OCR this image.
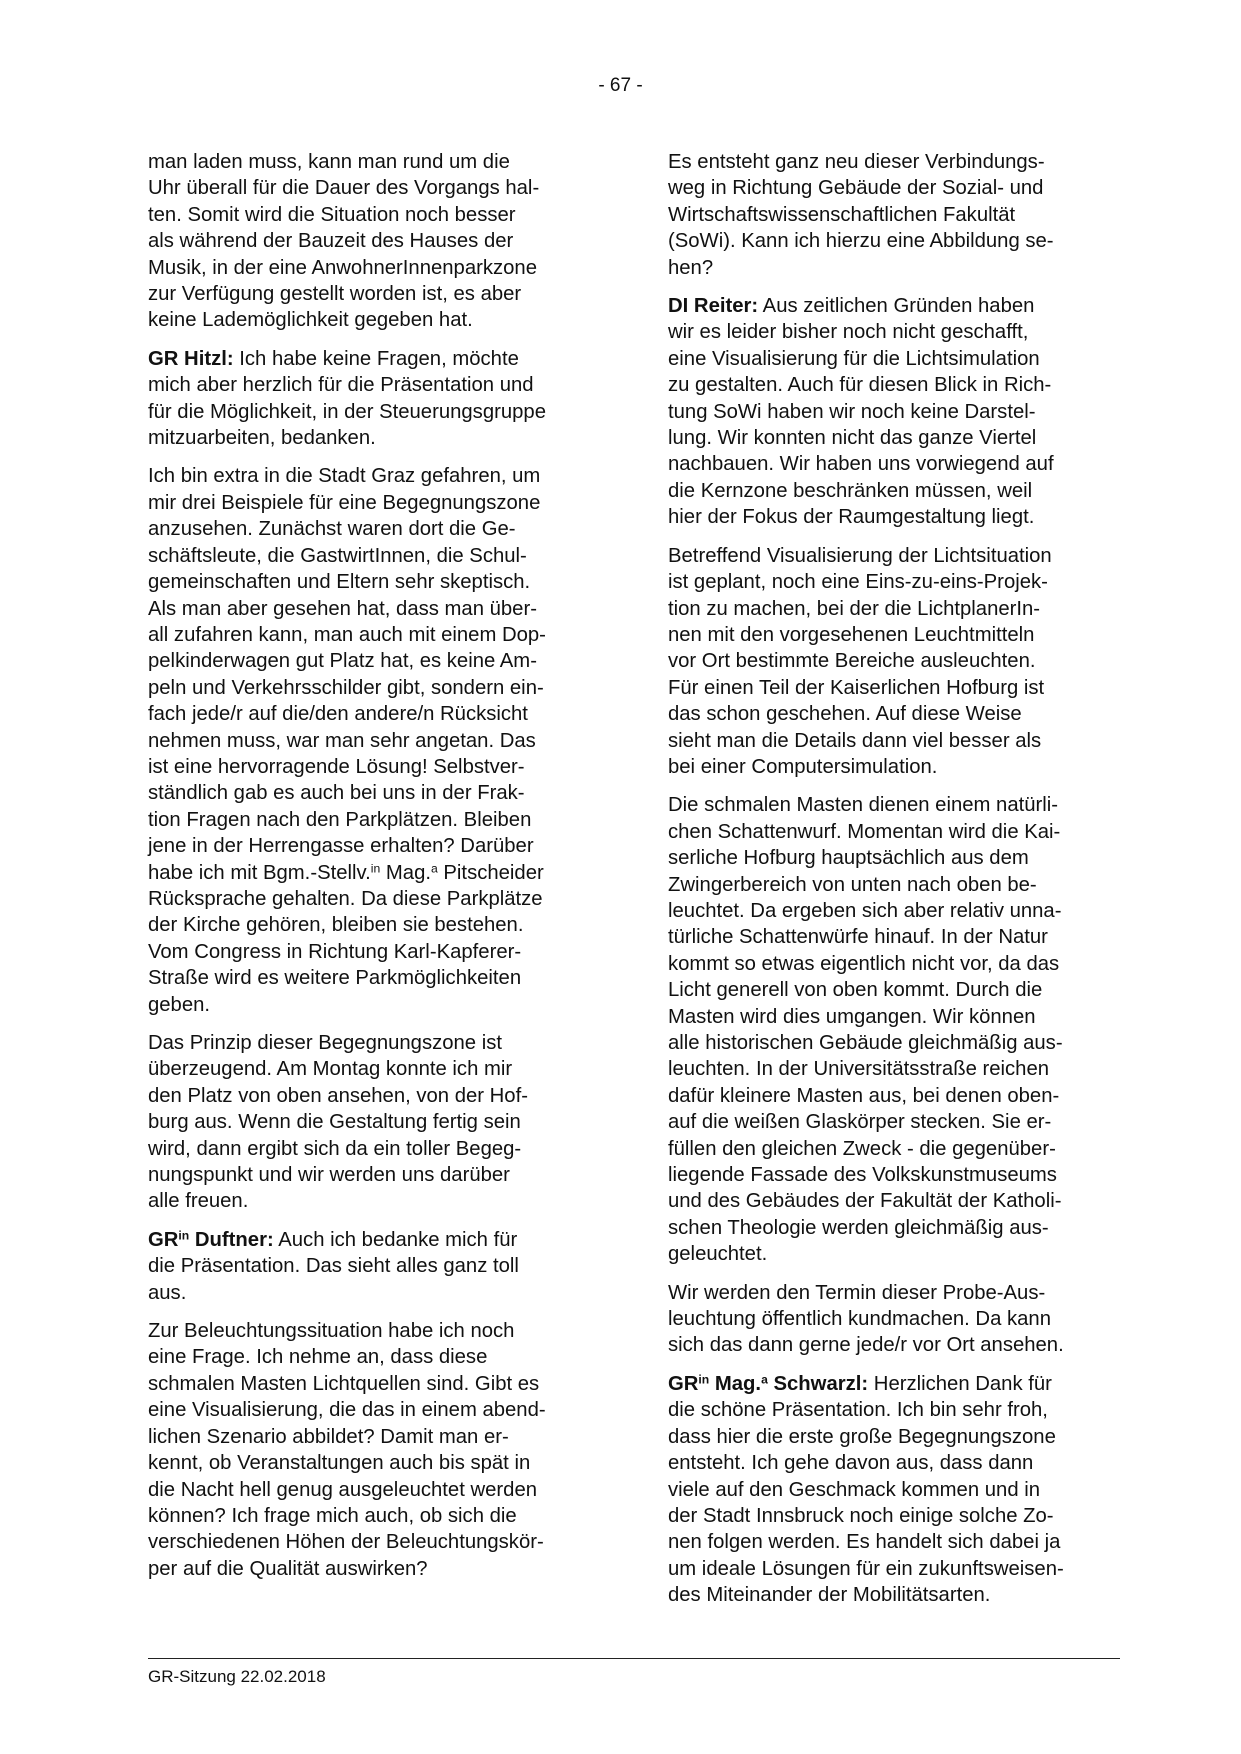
- 67 -

man laden muss, kann man rund um die
Uhr überall für die Dauer des Vorgangs hal-
ten. Somit wird die Situation noch besser
als während der Bauzeit des Hauses der
Musik, in der eine AnwohnerInnenparkzone
zur Verfügung gestellt worden ist, es aber
keine Lademöglichkeit gegeben hat.

GR Hitzl: Ich habe keine Fragen, möchte
mich aber herzlich für die Präsentation und
für die Möglichkeit, in der Steuerungsgruppe
mitzuarbeiten, bedanken.

Ich bin extra in die Stadt Graz gefahren, um
mir drei Beispiele für eine Begegnungszone
anzusehen. Zunächst waren dort die Ge-
schäftsleute, die GastwirtInnen, die Schul-
gemeinschaften und Eltern sehr skeptisch.
Als man aber gesehen hat, dass man über-
all zufahren kann, man auch mit einem Dop-
pelkinderwagen gut Platz hat, es keine Am-
peln und Verkehrsschilder gibt, sondern ein-
fach jede/r auf die/den andere/n Rücksicht
nehmen muss, war man sehr angetan. Das
ist eine hervorragende Lösung! Selbstver-
ständlich gab es auch bei uns in der Frak-
tion Fragen nach den Parkplätzen. Bleiben
jene in der Herrengasse erhalten? Darüber
habe ich mit Bgm.-Stellv.$^{in}$ Mag.$^a$ Pitscheider
Rücksprache gehalten. Da diese Parkplätze
der Kirche gehören, bleiben sie bestehen.
Vom Congress in Richtung Karl-Kapferer-
Straße wird es weitere Parkmöglichkeiten
geben.

Das Prinzip dieser Begegnungszone ist
überzeugend. Am Montag konnte ich mir
den Platz von oben ansehen, von der Hof-
burg aus. Wenn die Gestaltung fertig sein
wird, dann ergibt sich da ein toller Begeg-
nungspunkt und wir werden uns darüber
alle freuen.

$GR^{in}$ Duftner: Auch ich bedanke mich für
die Präsentation. Das sieht alles ganz toll
aus.

Zur Beleuchtungssituation habe ich noch
eine Frage. Ich nehme an, dass diese
schmalen Masten Lichtquellen sind. Gibt es
eine Visualisierung, die das in einem abend-
lichen Szenario abbildet? Damit man er-
kennt, ob Veranstaltungen auch bis spät in
die Nacht hell genug ausgeleuchtet werden
können? Ich frage mich auch, ob sich die
verschiedenen Höhen der Beleuchtungskör-
per auf die Qualität auswirken?

Es entsteht ganz neu dieser Verbindungs-
weg in Richtung Gebäude der Sozial- und
Wirtschaftswissenschaftlichen Fakultät
(SoWi). Kann ich hierzu eine Abbildung se-
hen?

DI Reiter: Aus zeitlichen Gründen haben
wir es leider bisher noch nicht geschafft,
eine Visualisierung für die Lichtsimulation
zu gestalten. Auch für diesen Blick in Rich-
tung SoWi haben wir noch keine Darstel-
lung. Wir konnten nicht das ganze Viertel
nachbauen. Wir haben uns vorwiegend auf
die Kernzone beschränken müssen, weil
hier der Fokus der Raumgestaltung liegt.

Betreffend Visualisierung der Lichtsituation
ist geplant, noch eine Eins-zu-eins-Projek-
tion zu machen, bei der die LichtplanerIn-
nen mit den vorgesehenen Leuchtmitteln
vor Ort bestimmte Bereiche ausleuchten.
Für einen Teil der Kaiserlichen Hofburg ist
das schon geschehen. Auf diese Weise
sieht man die Details dann viel besser als
bei einer Computersimulation.

Die schmalen Masten dienen einem natürli-
chen Schattenwurf. Momentan wird die Kai-
serliche Hofburg hauptsächlich aus dem
Zwingerbereich von unten nach oben be-
leuchtet. Da ergeben sich aber relativ unna-
türliche Schattenwürfe hinauf. In der Natur
kommt so etwas eigentlich nicht vor, da das
Licht generell von oben kommt. Durch die
Masten wird dies umgangen. Wir können
alle historischen Gebäude gleichmäßig aus-
leuchten. In der Universitätsstraße reichen
dafür kleinere Masten aus, bei denen oben-
auf die weißen Glaskörper stecken. Sie er-
füllen den gleichen Zweck - die gegenüber-
liegende Fassade des Volkskunstmuseums
und des Gebäudes der Fakultät der Katholi-
schen Theologie werden gleichmäßig aus-
geleuchtet.

Wir werden den Termin dieser Probe-Aus-
leuchtung öffentlich kundmachen. Da kann
sich das dann gerne jede/r vor Ort ansehen.

$GR^{in}$ Mag.$^a$ Schwarzl: Herzlichen Dank für
die schöne Präsentation. Ich bin sehr froh,
dass hier die erste große Begegnungszone
entsteht. Ich gehe davon aus, dass dann
viele auf den Geschmack kommen und in
der Stadt Innsbruck noch einige solche Zo-
nen folgen werden. Es handelt sich dabei ja
um ideale Lösungen für ein zukunftsweisen-
des Miteinander der Mobilitätsarten.

GR-Sitzung 22.02.2018
